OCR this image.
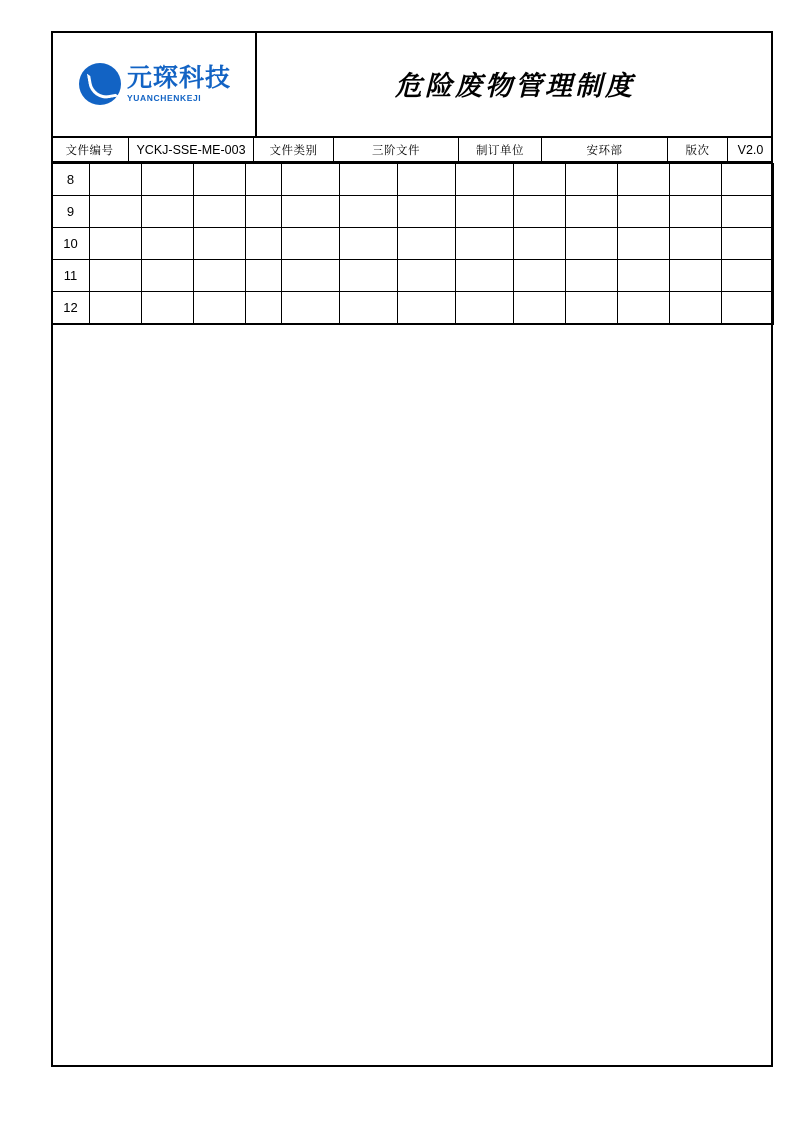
元琛科技
YUANCHENKEJI	危险废物管理制度
文件编号	YCKJ-SSE-ME-003	文件类别	三阶文件	制订单位	安环部	版次	V2.0
8													
9													
10													
11													
12													
